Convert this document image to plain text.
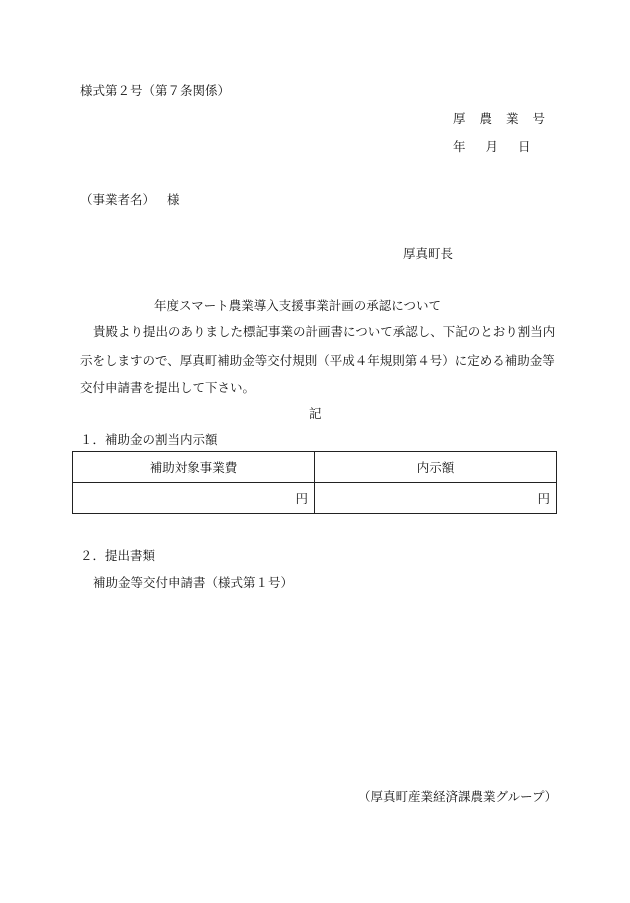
様式第２号（第７条関係）
厚 農 業 号
年 月 日
（事業者名） 様
厚真町長
年度スマート農業導入支援事業計画の承認について
貴殿より提出のありました標記事業の計画書について承認し、下記のとおり割当内
示をしますので、厚真町補助金等交付規則（平成４年規則第４号）に定める補助金等
交付申請書を提出して下さい。
記
１．補助金の割当内示額
補助対象事業費	内示額
円	円
２．提出書類
補助金等交付申請書（様式第１号）
（厚真町産業経済課農業グループ）
